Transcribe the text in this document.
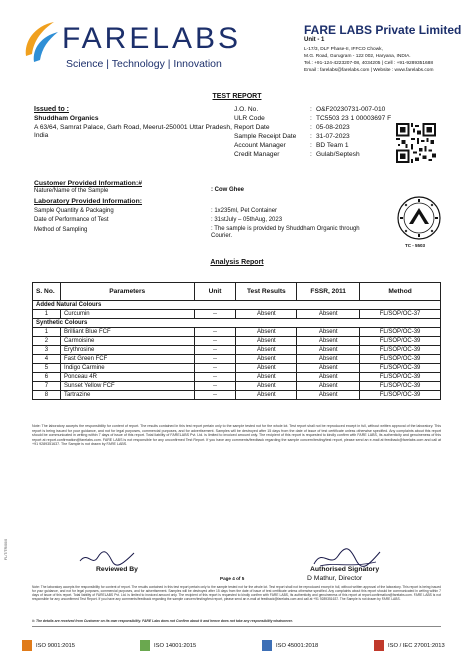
FARELABS
Science | Technology | Innovation
FARE LABS Private Limited
Unit - 1
L-17/3, DLF Phase-II, IFFCO Chowk,
M.G. Road, Gurugram - 122 002, Haryana, INDIA.
Tel.: +91-124-4223207-08, 4034205 | Cell : +91-9289351688
Email : farelabs@farelabs.com | Website : www.farelabs.com
TEST REPORT
Issued to :
Shuddham Organics
A 63/64, Samrat Palace, Garh Road, Meerut-250001 Uttar Pradesh, India
J.O. No.	: O&F20230731-007-010
ULR Code	: TC5503 23 1 00003697 F
Report Date	: 05-08-2023
Sample Receipt Date : 31-07-2023
Account Manager	: BD Team 1
Credit Manager	: Gulab/Septesh
Customer Provided Information:#
Nature/Name of the Sample	: Cow Ghee
Laboratory Provided Information:
Sample Quantity & Packaging	: 1x235ml, Pet Container
Date of Performance of Test	: 31stJuly – 05thAug, 2023
Method of Sampling	: The sample is provided by Shuddham Organic through Courier.
TC - 5503
Analysis Report
S. No.	Parameters	Unit	Test Results	FSSR, 2011	Method
Added Natural Colours					
1	Curcumin	--	Absent	Absent	FL/SOP/OC-37
Synthetic Colours					
1	Brilliant Blue FCF	--	Absent	Absent	FL/SOP/OC-39
2	Carmoisine	--	Absent	Absent	FL/SOP/OC-39
3	Erythrosine	--	Absent	Absent	FL/SOP/OC-39
4	Fast Green FCF	--	Absent	Absent	FL/SOP/OC-39
5	Indigo Carmine	--	Absent	Absent	FL/SOP/OC-39
6	Ponceau 4R	--	Absent	Absent	FL/SOP/OC-39
7	Sunset Yellow FCF	--	Absent	Absent	FL/SOP/OC-39
8	Tartrazine	--	Absent	Absent	FL/SOP/OC-39
Note: The laboratory accepts the responsibility for content of report. The results contained in this test report pertain only to the sample tested not for the whole lot. Test report shall not be reproduced except in full, without written approval of the laboratory. This report is being issued for your guidance, and not for legal purposes, commercial purposes, and for advertisement. Samples will be destroyed after 15 days from the date of issue of test certificate unless otherwise specified. Any complaints about this report should be communicated in writing within 7 days of issue of this report. Total liability of FARELABS Pvt. Ltd. is limited to invoiced amount only. The recipient of this report is requested to kindly confirm with FARE LABS, its authenticity and genuineness of this report at report.confirmation@farelabs.com. FARE LABS is not responsible for any unconfirmed Test Report. If you have any comments/feedback regarding the sample concern/testing/test report, please send an e-mail at feedback@farelabs.com and call at +91 9289351637. The Sample is not drawn by FARE LABS.
Reviewed By	Authorised Signatory
D Mathur, Director
Page 4 of 5
Note: The laboratory accepts the responsibility for content of report. The results contained in this test report pertain only to the sample tested not for the whole lot. Test report shall not be reproduced except in full, without written approval of the laboratory. This report is being issued for your guidance, and not for legal purposes, commercial purposes, and for advertisement. Samples will be destroyed after 15 days from the date of issue of test certificate unless otherwise specified. Any complaints about this report should be communicated in writing within 7 days of issue of this report. Total liability of FARELABS Pvt. Ltd. is limited to invoiced amount only. The recipient of this report is requested to kindly confirm with FARE LABS, its authenticity and genuineness of this report at report.confirmation@farelabs.com. FARE LABS is not responsible for any unconfirmed Test Report. If you have any comments/feedback regarding the sample concern/testing/test report, please send an e-mail at feedback@farelabs.com and call at +91 9289351637. The Sample is not drawn by FARE LABS.
#: The details are received from Customer on its own responsibility. FARE Labs does not Confirm about it and hence does not take any responsibility whatsoever.
ISO 9001:2015	ISO 14001:2015	ISO 45001:2018	ISO / IEC 27001:2013
FL/T/TR/00/0
